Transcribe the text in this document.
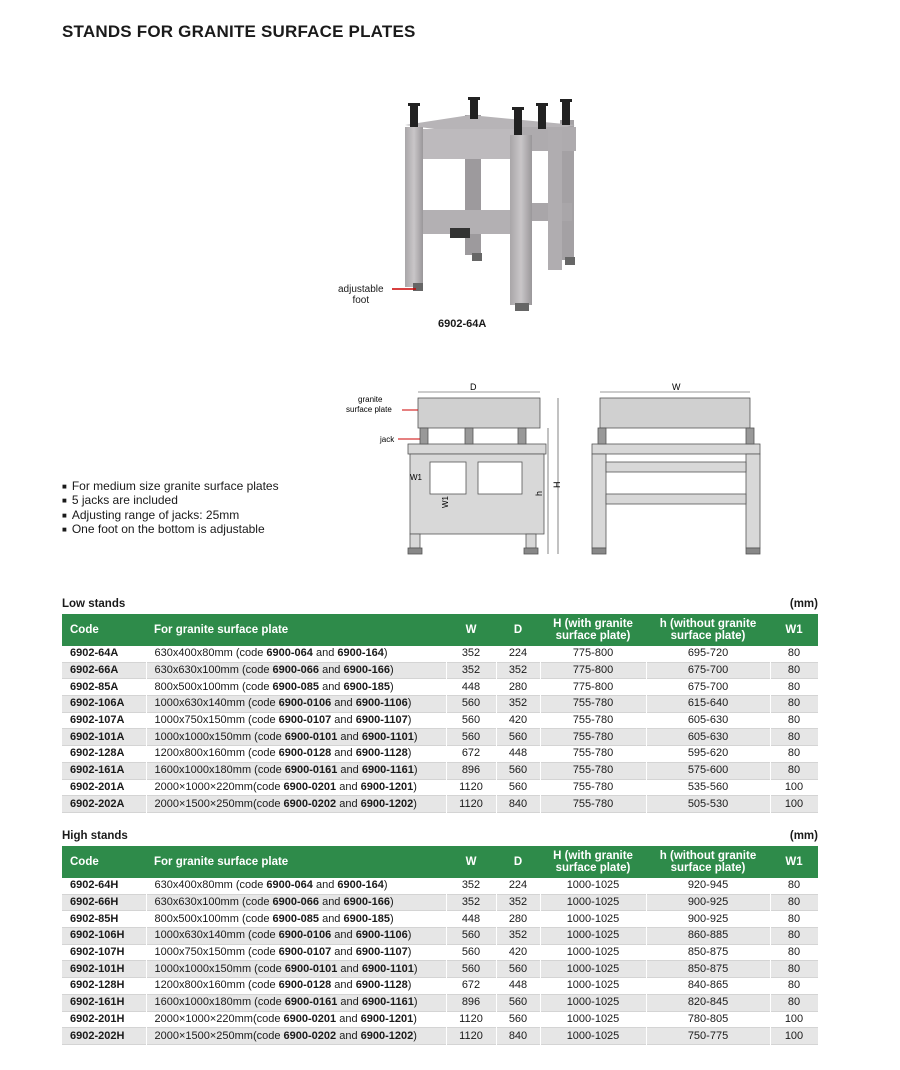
STANDS FOR GRANITE SURFACE PLATES
adjustable
foot
6902-64A
D
H
h
W1
W1
granite
surface plate
jack
W
■ For medium size granite surface plates
■ 5 jacks are included
■ Adjusting range of jacks: 25mm
■ One foot on the bottom is adjustable
Low stands	(mm)
Code	For granite surface plate	W	D	H (with granite
surface plate)	h (without granite
surface plate)	W1
6902-64A	630x400x80mm (code 6900-064 and 6900-164)	352	224	775-800	695-720	80
6902-66A	630x630x100mm (code 6900-066 and 6900-166)	352	352	775-800	675-700	80
6902-85A	800x500x100mm (code 6900-085 and 6900-185)	448	280	775-800	675-700	80
6902-106A	1000x630x140mm (code 6900-0106 and 6900-1106)	560	352	755-780	615-640	80
6902-107A	1000x750x150mm (code 6900-0107 and 6900-1107)	560	420	755-780	605-630	80
6902-101A	1000x1000x150mm (code 6900-0101 and 6900-1101)	560	560	755-780	605-630	80
6902-128A	1200x800x160mm (code 6900-0128 and 6900-1128)	672	448	755-780	595-620	80
6902-161A	1600x1000x180mm (code 6900-0161 and 6900-1161)	896	560	755-780	575-600	80
6902-201A	2000×1000×220mm(code 6900-0201 and 6900-1201)	1120	560	755-780	535-560	100
6902-202A	2000×1500×250mm(code 6900-0202 and 6900-1202)	1120	840	755-780	505-530	100
High stands	(mm)
Code	For granite surface plate	W	D	H (with granite
surface plate)	h (without granite
surface plate)	W1
6902-64H	630x400x80mm (code 6900-064 and 6900-164)	352	224	1000-1025	920-945	80
6902-66H	630x630x100mm (code 6900-066 and 6900-166)	352	352	1000-1025	900-925	80
6902-85H	800x500x100mm (code 6900-085 and 6900-185)	448	280	1000-1025	900-925	80
6902-106H	1000x630x140mm (code 6900-0106 and 6900-1106)	560	352	1000-1025	860-885	80
6902-107H	1000x750x150mm (code 6900-0107 and 6900-1107)	560	420	1000-1025	850-875	80
6902-101H	1000x1000x150mm (code 6900-0101 and 6900-1101)	560	560	1000-1025	850-875	80
6902-128H	1200x800x160mm (code 6900-0128 and 6900-1128)	672	448	1000-1025	840-865	80
6902-161H	1600x1000x180mm (code 6900-0161 and 6900-1161)	896	560	1000-1025	820-845	80
6902-201H	2000×1000×220mm(code 6900-0201 and 6900-1201)	1120	560	1000-1025	780-805	100
6902-202H	2000×1500×250mm(code 6900-0202 and 6900-1202)	1120	840	1000-1025	750-775	100
